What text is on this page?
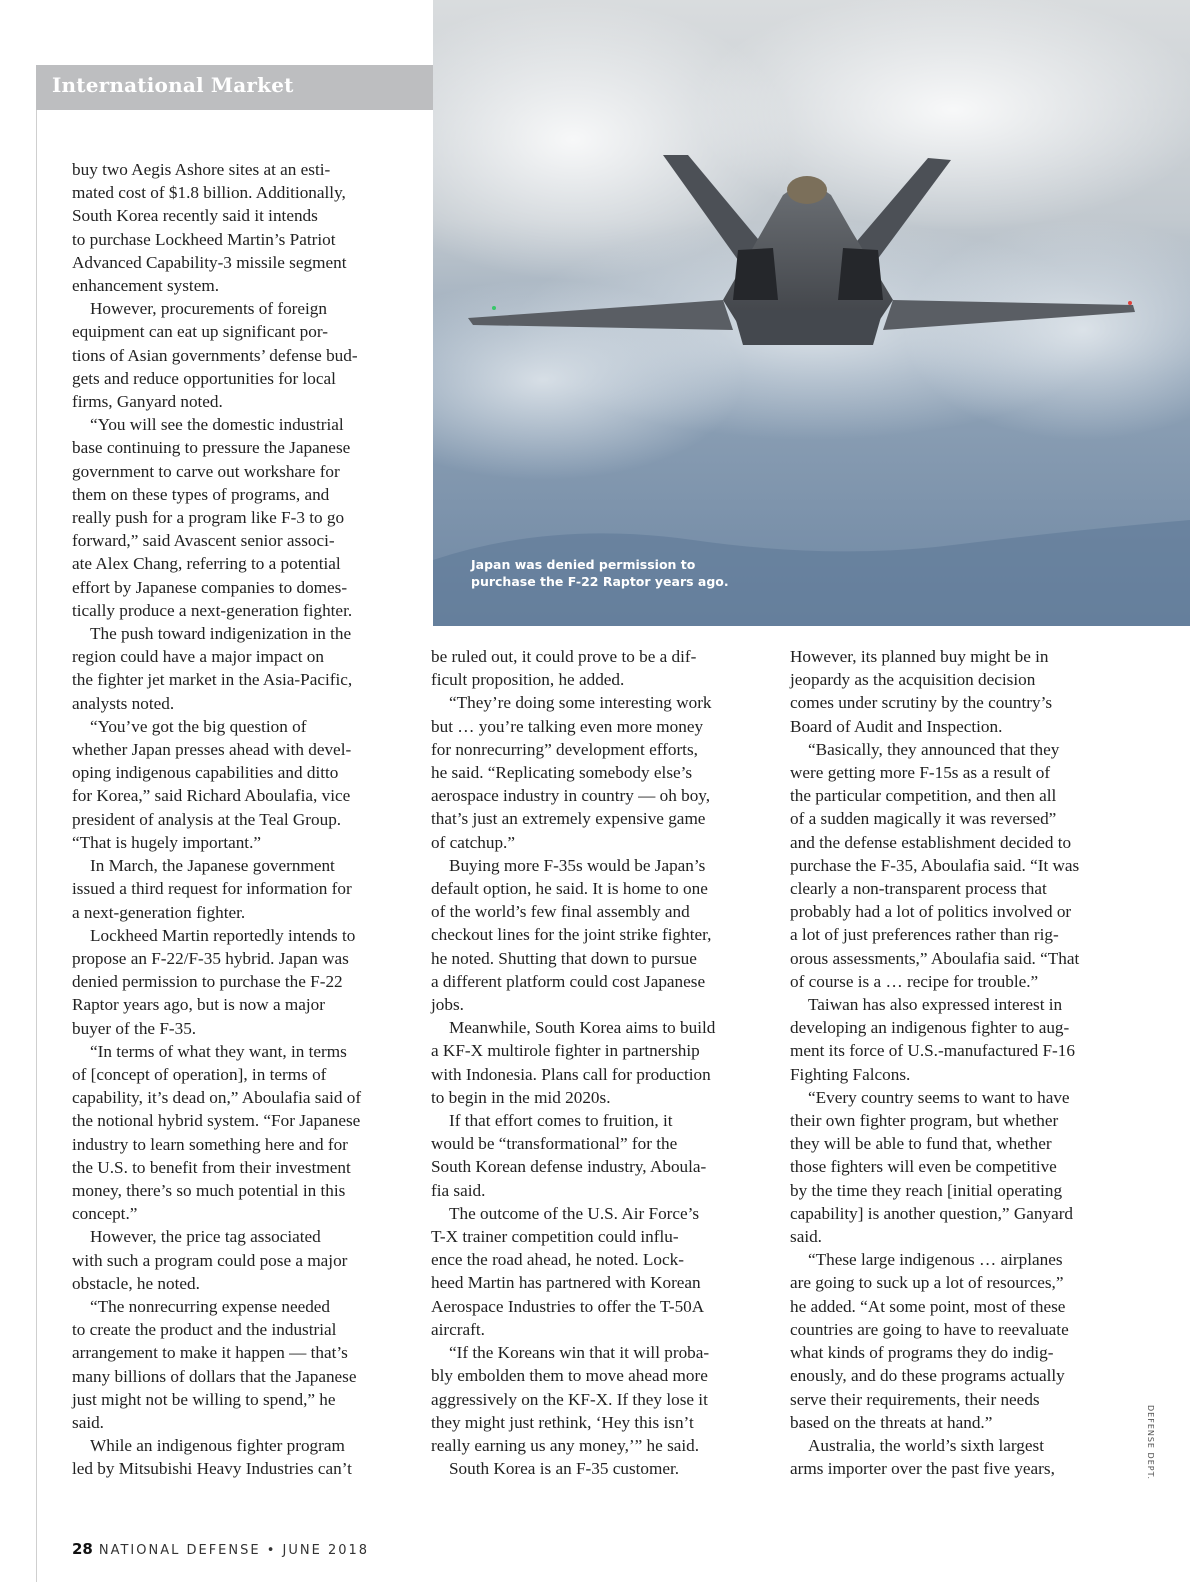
International Market
Japan was denied permission to
purchase the F-22 Raptor years ago.

buy two Aegis Ashore sites at an esti-
mated cost of $1.8 billion. Additionally,
South Korea recently said it intends
to purchase Lockheed Martin’s Patriot
Advanced Capability-3 missile segment
enhancement system.

However, procurements of foreign
equipment can eat up significant por-
tions of Asian governments’ defense bud-
gets and reduce opportunities for local
firms, Ganyard noted.

“You will see the domestic industrial
base continuing to pressure the Japanese
government to carve out workshare for
them on these types of programs, and
really push for a program like F-3 to go
forward,” said Avascent senior associ-
ate Alex Chang, referring to a potential
effort by Japanese companies to domes-
tically produce a next-generation fighter.

The push toward indigenization in the
region could have a major impact on
the fighter jet market in the Asia-Pacific,
analysts noted.

“You’ve got the big question of
whether Japan presses ahead with devel-
oping indigenous capabilities and ditto
for Korea,” said Richard Aboulafia, vice
president of analysis at the Teal Group.
“That is hugely important.”

In March, the Japanese government
issued a third request for information for
a next-generation fighter.

Lockheed Martin reportedly intends to
propose an F-22/F-35 hybrid. Japan was
denied permission to purchase the F-22
Raptor years ago, but is now a major
buyer of the F-35.

“In terms of what they want, in terms
of [concept of operation], in terms of
capability, it’s dead on,” Aboulafia said of
the notional hybrid system. “For Japanese
industry to learn something here and for
the U.S. to benefit from their investment
money, there’s so much potential in this
concept.”

However, the price tag associated
with such a program could pose a major
obstacle, he noted.

“The nonrecurring expense needed
to create the product and the industrial
arrangement to make it happen — that’s
many billions of dollars that the Japanese
just might not be willing to spend,” he
said.

While an indigenous fighter program
led by Mitsubishi Heavy Industries can’t

be ruled out, it could prove to be a dif-
ficult proposition, he added.

“They’re doing some interesting work
but … you’re talking even more money
for nonrecurring” development efforts,
he said. “Replicating somebody else’s
aerospace industry in country — oh boy,
that’s just an extremely expensive game
of catchup.”

Buying more F-35s would be Japan’s
default option, he said. It is home to one
of the world’s few final assembly and
checkout lines for the joint strike fighter,
he noted. Shutting that down to pursue
a different platform could cost Japanese
jobs.

Meanwhile, South Korea aims to build
a KF-X multirole fighter in partnership
with Indonesia. Plans call for production
to begin in the mid 2020s.

If that effort comes to fruition, it
would be “transformational” for the
South Korean defense industry, Aboula-
fia said.

The outcome of the U.S. Air Force’s
T-X trainer competition could influ-
ence the road ahead, he noted. Lock-
heed Martin has partnered with Korean
Aerospace Industries to offer the T-50A
aircraft.

“If the Koreans win that it will proba-
bly embolden them to move ahead more
aggressively on the KF-X. If they lose it
they might just rethink, ‘Hey this isn’t
really earning us any money,’” he said.

South Korea is an F-35 customer.

However, its planned buy might be in
jeopardy as the acquisition decision
comes under scrutiny by the country’s
Board of Audit and Inspection.

“Basically, they announced that they
were getting more F-15s as a result of
the particular competition, and then all
of a sudden magically it was reversed”
and the defense establishment decided to
purchase the F-35, Aboulafia said. “It was
clearly a non-transparent process that
probably had a lot of politics involved or
a lot of just preferences rather than rig-
orous assessments,” Aboulafia said. “That
of course is a … recipe for trouble.”

Taiwan has also expressed interest in
developing an indigenous fighter to aug-
ment its force of U.S.-manufactured F-16
Fighting Falcons.

“Every country seems to want to have
their own fighter program, but whether
they will be able to fund that, whether
those fighters will even be competitive
by the time they reach [initial operating
capability] is another question,” Ganyard
said.

“These large indigenous … airplanes
are going to suck up a lot of resources,”
he added. “At some point, most of these
countries are going to have to reevaluate
what kinds of programs they do indig-
enously, and do these programs actually
serve their requirements, their needs
based on the threats at hand.”

Australia, the world’s sixth largest
arms importer over the past five years,	DEFENSE DEPT.
28 NATIONAL DEFENSE • JUNE 2018
